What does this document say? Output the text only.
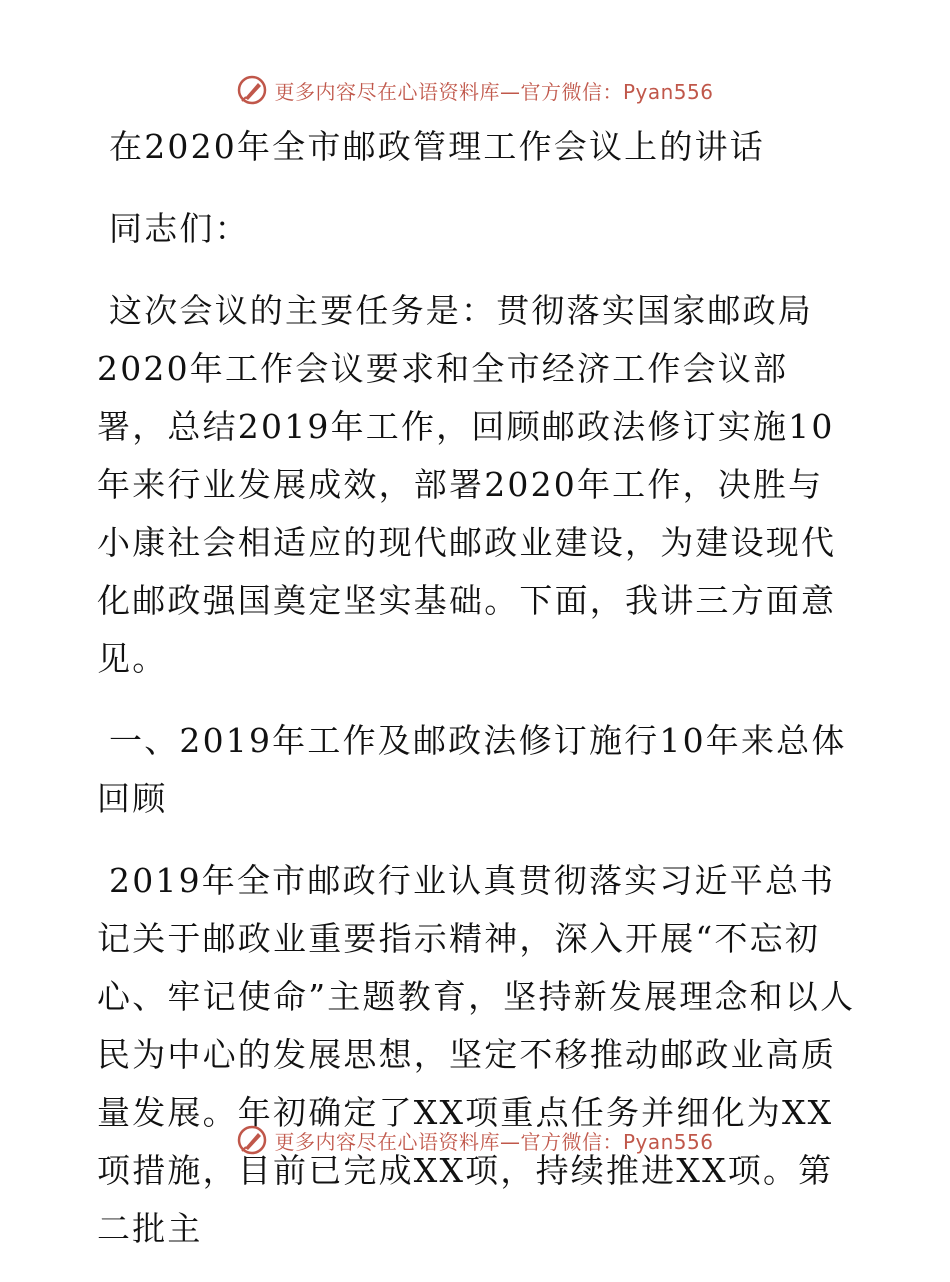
更多内容尽在心语资料库—官方微信：Pyan556

在2020年全市邮政管理工作会议上的讲话

同志们：

这次会议的主要任务是：贯彻落实国家邮政局2020年工作会议要求和全市经济工作会议部署，总结2019年工作，回顾邮政法修订实施10年来行业发展成效，部署2020年工作，决胜与小康社会相适应的现代邮政业建设，为建设现代化邮政强国奠定坚实基础。下面，我讲三方面意见。

一、2019年工作及邮政法修订施行10年来总体回顾

2019年全市邮政行业认真贯彻落实习近平总书记关于邮政业重要指示精神，深入开展“不忘初心、牢记使命”主题教育，坚持新发展理念和以人民为中心的发展思想，坚定不移推动邮政业高质量发展。年初确定了XX项重点任务并细化为XX项措施，目前已完成XX项，持续推进XX项。第二批主

更多内容尽在心语资料库—官方微信：Pyan556
